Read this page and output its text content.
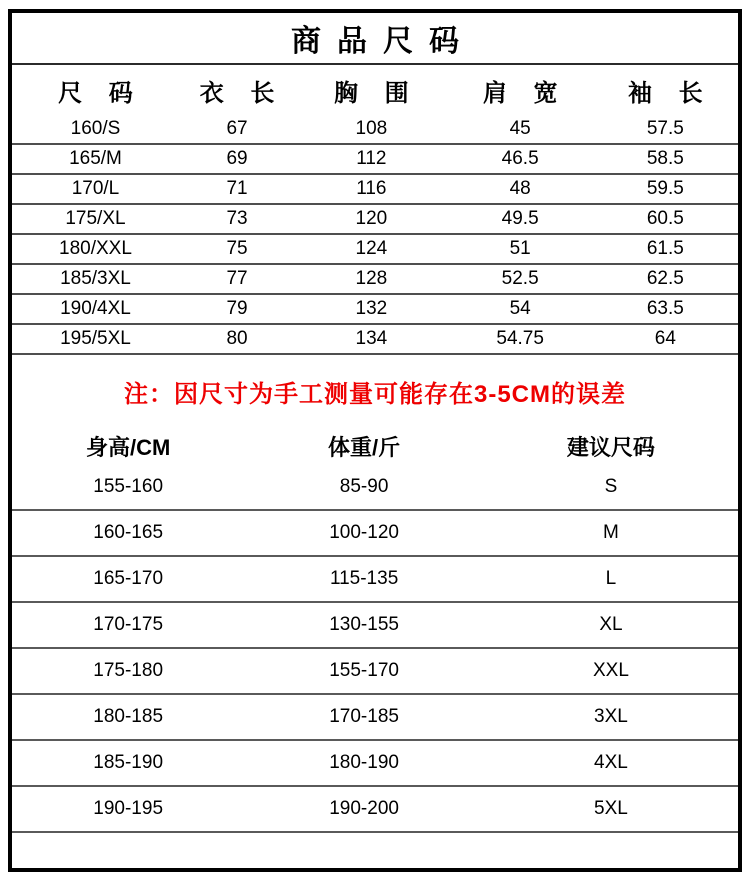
商品尺码
尺 码	衣 长	胸 围	肩 宽	袖 长
160/S	67	108	45	57.5
165/M	69	112	46.5	58.5
170/L	71	116	48	59.5
175/XL	73	120	49.5	60.5
180/XXL	75	124	51	61.5
185/3XL	77	128	52.5	62.5
190/4XL	79	132	54	63.5
195/5XL	80	134	54.75	64
注：因尺寸为手工测量可能存在3-5CM的误差
身高/CM	体重/斤	建议尺码
155-160	85-90	S
160-165	100-120	M
165-170	115-135	L
170-175	130-155	XL
175-180	155-170	XXL
180-185	170-185	3XL
185-190	180-190	4XL
190-195	190-200	5XL
